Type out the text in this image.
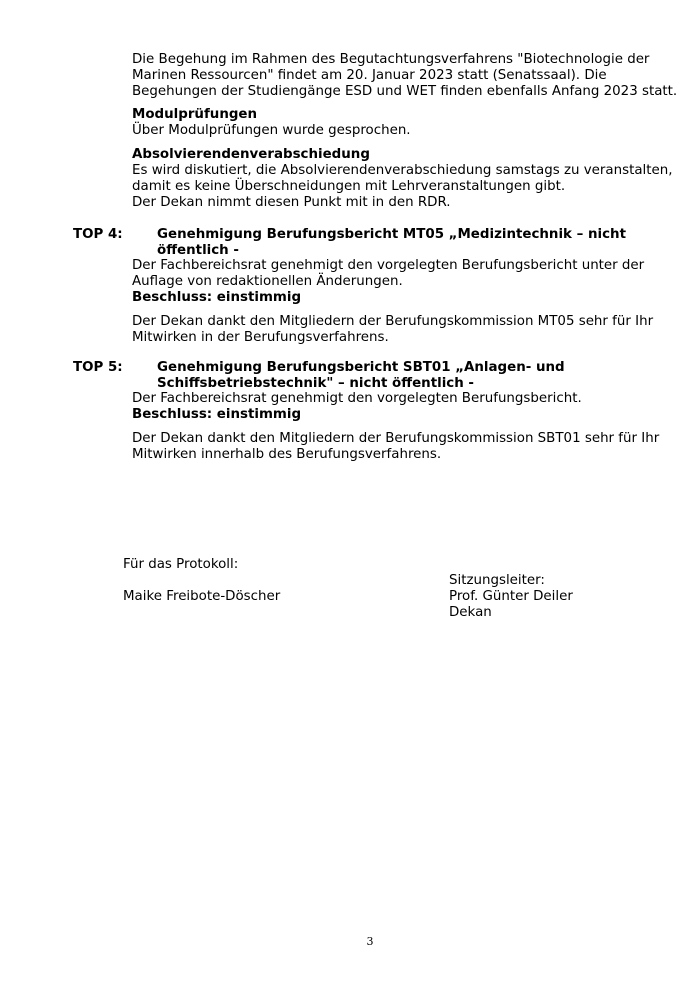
Die Begehung im Rahmen des Begutachtungsverfahrens "Biotechnologie der
Marinen Ressourcen" findet am 20. Januar 2023 statt (Senatssaal). Die
Begehungen der Studiengänge ESD und WET finden ebenfalls Anfang 2023 statt.
Modulprüfungen
Über Modulprüfungen wurde gesprochen.
Absolvierendenverabschiedung
Es wird diskutiert, die Absolvierendenverabschiedung samstags zu veranstalten,
damit es keine Überschneidungen mit Lehrveranstaltungen gibt.
Der Dekan nimmt diesen Punkt mit in den RDR.
TOP 4:	Genehmigung Berufungsbericht MT05 „Medizintechnik – nicht
öffentlich -
Der Fachbereichsrat genehmigt den vorgelegten Berufungsbericht unter der
Auflage von redaktionellen Änderungen.
Beschluss: einstimmig
Der Dekan dankt den Mitgliedern der Berufungskommission MT05 sehr für Ihr
Mitwirken in der Berufungsverfahrens.
TOP 5:	Genehmigung Berufungsbericht SBT01 „Anlagen- und
Schiffsbetriebstechnik" – nicht öffentlich -
Der Fachbereichsrat genehmigt den vorgelegten Berufungsbericht.
Beschluss: einstimmig
Der Dekan dankt den Mitgliedern der Berufungskommission SBT01 sehr für Ihr
Mitwirken innerhalb des Berufungsverfahrens.
Für das Protokoll:
Maike Freibote-Döscher
Sitzungsleiter:
Prof. Günter Deiler
Dekan
3
